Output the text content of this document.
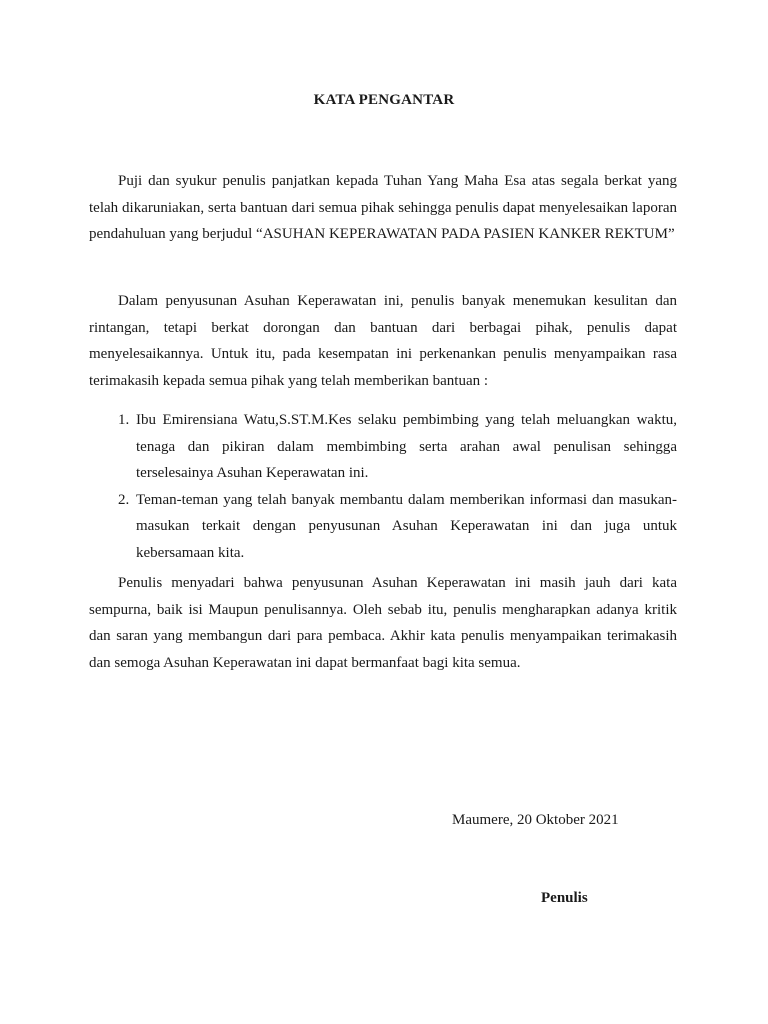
KATA PENGANTAR

Puji dan syukur penulis panjatkan kepada Tuhan Yang Maha Esa atas segala berkat yang telah dikaruniakan, serta bantuan dari semua pihak sehingga penulis dapat menyelesaikan laporan pendahuluan yang berjudul “ASUHAN KEPERAWATAN PADA PASIEN KANKER REKTUM”

Dalam penyusunan Asuhan Keperawatan ini, penulis banyak menemukan kesulitan dan rintangan, tetapi berkat dorongan dan bantuan dari berbagai pihak, penulis dapat menyelesaikannya. Untuk itu, pada kesempatan ini perkenankan penulis menyampaikan rasa terimakasih kepada semua pihak yang telah memberikan bantuan :

1. Ibu Emirensiana Watu,S.ST.M.Kes selaku pembimbing yang telah meluangkan waktu, tenaga dan pikiran dalam membimbing serta arahan awal penulisan sehingga terselesainya Asuhan Keperawatan ini.
2. Teman-teman yang telah banyak membantu dalam memberikan informasi dan masukan-masukan terkait dengan penyusunan Asuhan Keperawatan ini dan juga untuk kebersamaan kita.

Penulis menyadari bahwa penyusunan Asuhan Keperawatan ini masih jauh dari kata sempurna, baik isi Maupun penulisannya. Oleh sebab itu, penulis mengharapkan adanya kritik dan saran yang membangun dari para pembaca. Akhir kata penulis menyampaikan terimakasih dan semoga Asuhan Keperawatan ini dapat bermanfaat bagi kita semua.

Maumere, 20 Oktober 2021
Penulis
